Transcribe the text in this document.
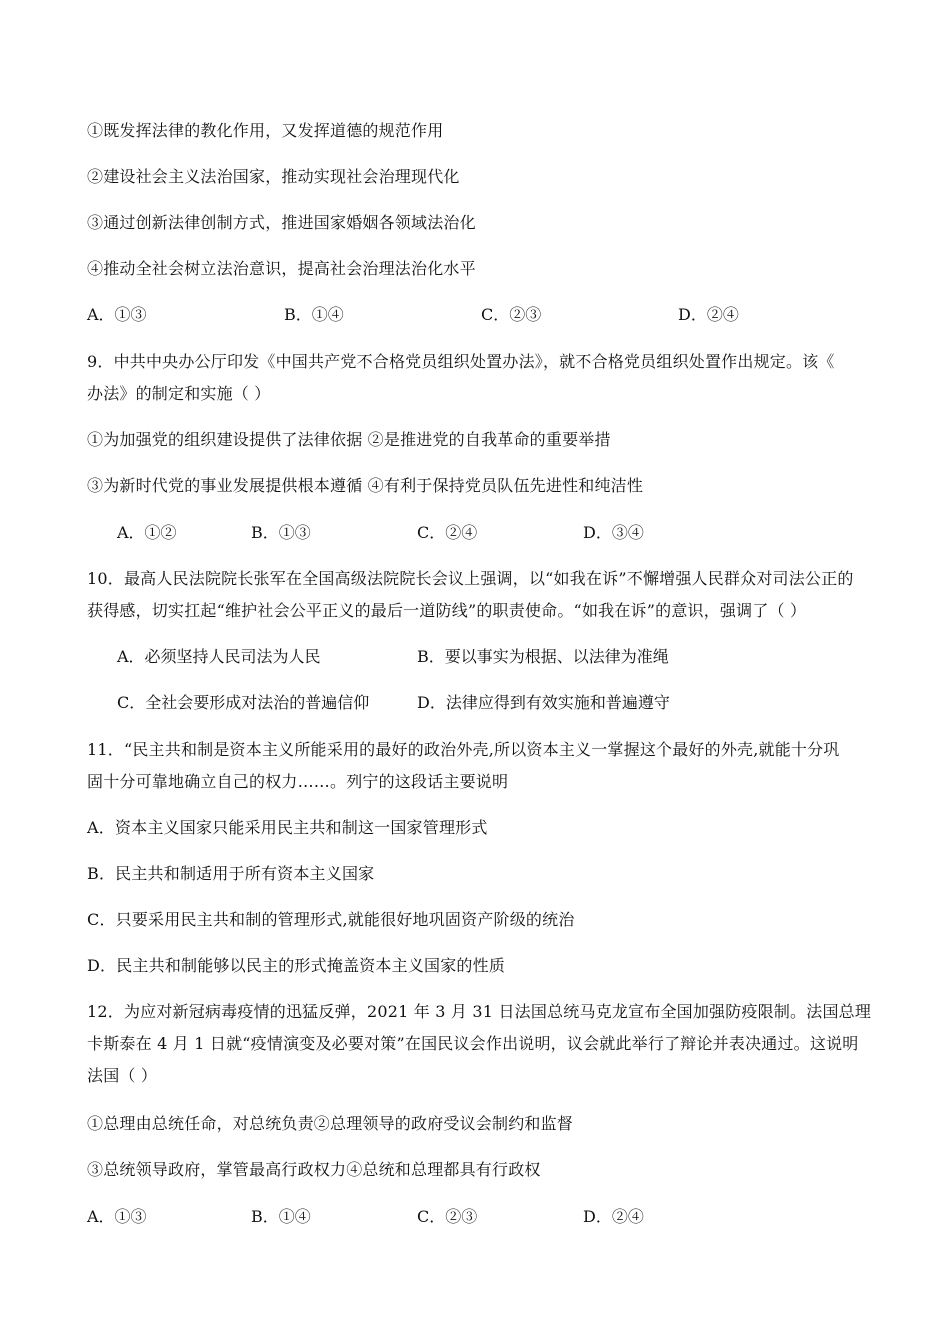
①既发挥法律的教化作用，又发挥道德的规范作用
②建设社会主义法治国家，推动实现社会治理现代化
③通过创新法律创制方式，推进国家婚姻各领域法治化
④推动全社会树立法治意识，提高社会治理法治化水平
A．①③	B．①④	C．②③	D．②④
9．中共中央办公厅印发《中国共产党不合格党员组织处置办法》，就不合格党员组织处置作出规定。该《
办法》的制定和实施（ ）
①为加强党的组织建设提供了法律依据 ②是推进党的自我革命的重要举措
③为新时代党的事业发展提供根本遵循 ④有利于保持党员队伍先进性和纯洁性
A．①②	B．①③	C．②④	D．③④
10．最高人民法院院长张军在全国高级法院院长会议上强调，以“如我在诉”不懈增强人民群众对司法公正的
获得感，切实扛起“维护社会公平正义的最后一道防线”的职责使命。“如我在诉”的意识，强调了（ ）
A．必须坚持人民司法为人民	B．要以事实为根据、以法律为准绳
C．全社会要形成对法治的普遍信仰	D．法律应得到有效实施和普遍遵守
11．“民主共和制是资本主义所能采用的最好的政治外壳,所以资本主义一掌握这个最好的外壳,就能十分巩
固十分可靠地确立自己的权力……。列宁的这段话主要说明
A．资本主义国家只能采用民主共和制这一国家管理形式
B．民主共和制适用于所有资本主义国家
C．只要采用民主共和制的管理形式,就能很好地巩固资产阶级的统治
D．民主共和制能够以民主的形式掩盖资本主义国家的性质
12．为应对新冠病毒疫情的迅猛反弹，2021 年 3 月 31 日法国总统马克龙宣布全国加强防疫限制。法国总理
卡斯泰在 4 月 1 日就“疫情演变及必要对策”在国民议会作出说明，议会就此举行了辩论并表决通过。这说明
法国（ ）
①总理由总统任命，对总统负责②总理领导的政府受议会制约和监督
③总统领导政府，掌管最高行政权力④总统和总理都具有行政权
A．①③	B．①④	C．②③	D．②④
